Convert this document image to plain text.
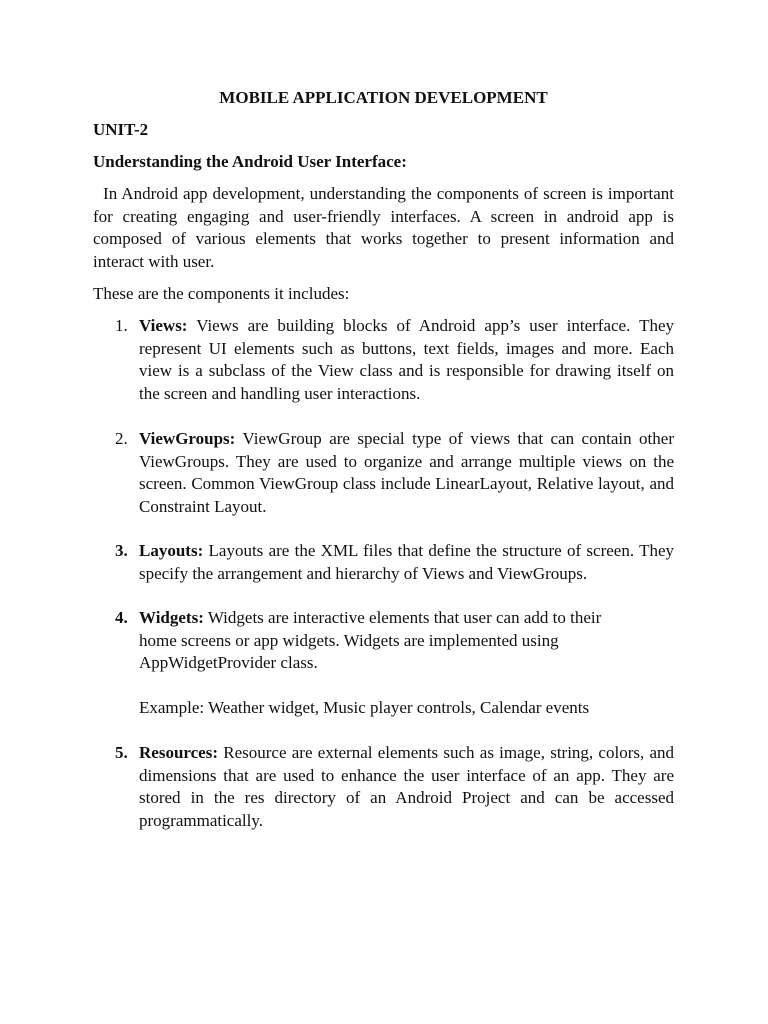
MOBILE APPLICATION DEVELOPMENT
UNIT-2
Understanding the Android User Interface:

In Android app development, understanding the components of screen is important for creating engaging and user-friendly interfaces. A screen in android app is composed of various elements that works together to present information and interact with user.

These are the components it includes:

1. Views: Views are building blocks of Android app’s user interface. They represent UI elements such as buttons, text fields, images and more. Each view is a subclass of the View class and is responsible for drawing itself on the screen and handling user interactions.

2. ViewGroups: ViewGroup are special type of views that can contain other ViewGroups. They are used to organize and arrange multiple views on the screen. Common ViewGroup class include LinearLayout, Relative layout, and Constraint Layout.

3. Layouts: Layouts are the XML files that define the structure of screen. They specify the arrangement and hierarchy of Views and ViewGroups.

4. Widgets: Widgets are interactive elements that user can add to their home screens or app widgets. Widgets are implemented using AppWidgetProvider class.

Example: Weather widget, Music player controls, Calendar events

5. Resources: Resource are external elements such as image, string, colors, and dimensions that are used to enhance the user interface of an app. They are stored in the res directory of an Android Project and can be accessed programmatically.
